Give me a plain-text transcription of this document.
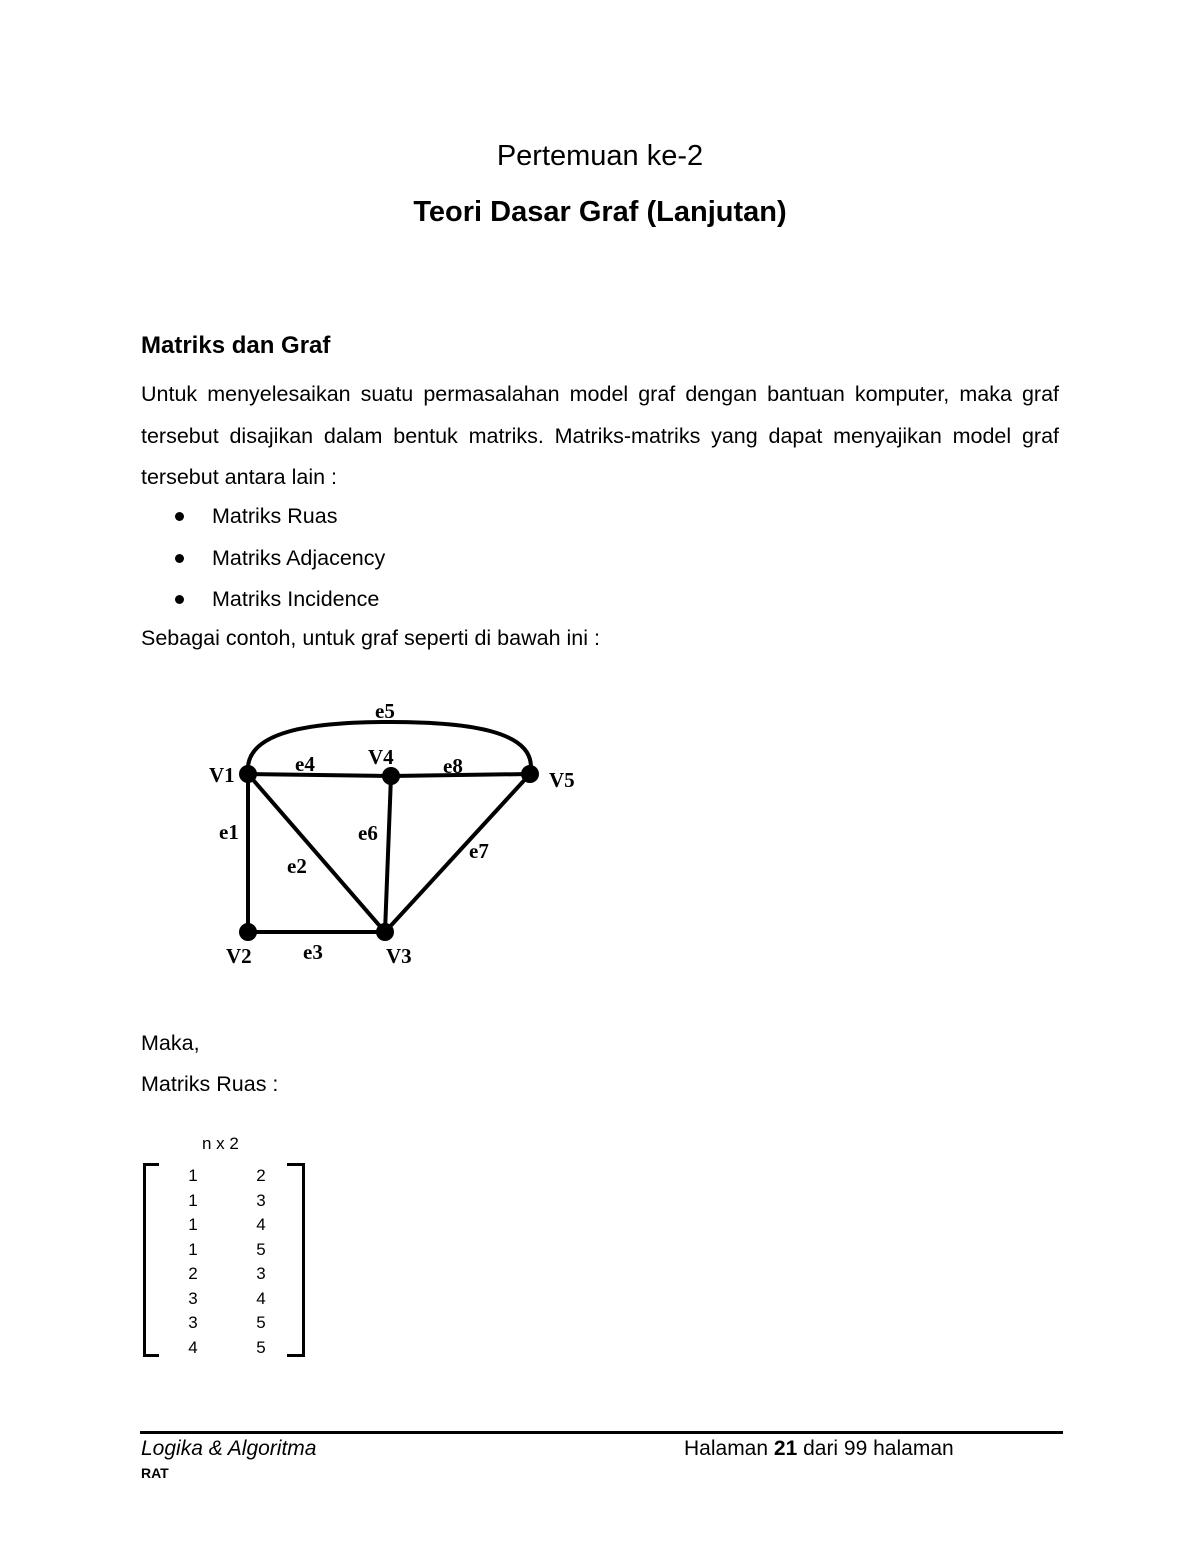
Pertemuan ke-2
Teori Dasar Graf (Lanjutan)
Matriks dan Graf
Untuk menyelesaikan suatu permasalahan model graf dengan bantuan komputer, maka graf tersebut disajikan dalam bentuk matriks. Matriks-matriks yang dapat menyajikan model graf tersebut antara lain :
Matriks Ruas
Matriks Adjacency
Matriks Incidence
Sebagai contoh, untuk graf seperti di bawah ini :
V1
V2	V3
V4
V5
e1
e2
e3
e4
e5
e6
e7
e8
Maka,
Matriks Ruas :
n x 2
1	2
1	3
1	4
1	5
2	3
3	4
3	5
4	5
Logika & Algoritma	Halaman 21 dari 99 halaman
RAT
